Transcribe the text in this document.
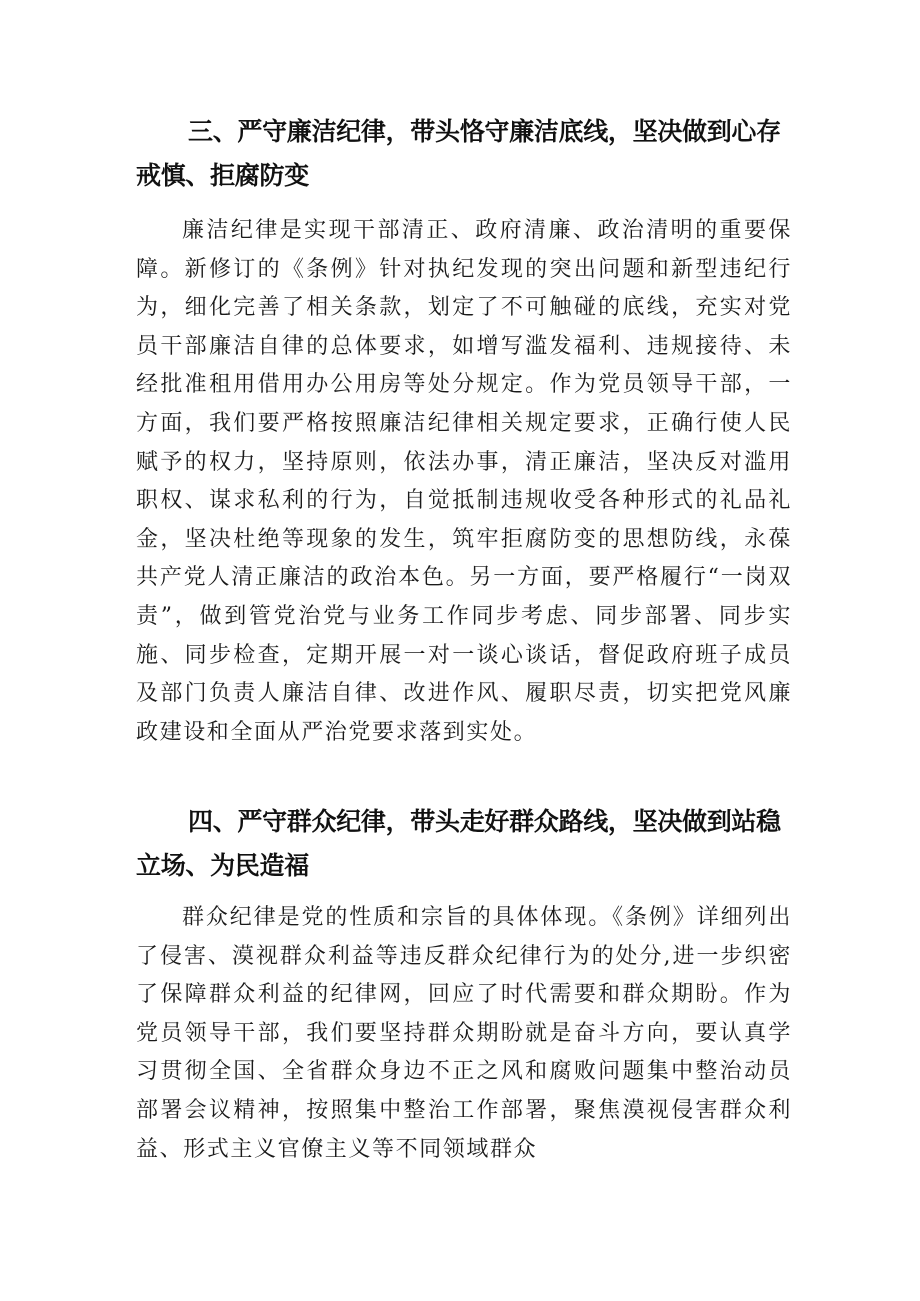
三、严守廉洁纪律，带头恪守廉洁底线，坚决做到心存戒慎、拒腐防变

廉洁纪律是实现干部清正、政府清廉、政治清明的重要保障。新修订的《条例》针对执纪发现的突出问题和新型违纪行为，细化完善了相关条款，划定了不可触碰的底线，充实对党员干部廉洁自律的总体要求，如增写滥发福利、违规接待、未经批准租用借用办公用房等处分规定。作为党员领导干部，一方面，我们要严格按照廉洁纪律相关规定要求，正确行使人民赋予的权力，坚持原则，依法办事，清正廉洁，坚决反对滥用职权、谋求私利的行为，自觉抵制违规收受各种形式的礼品礼金，坚决杜绝等现象的发生，筑牢拒腐防变的思想防线，永葆共产党人清正廉洁的政治本色。另一方面，要严格履行“一岗双责”，做到管党治党与业务工作同步考虑、同步部署、同步实施、同步检查，定期开展一对一谈心谈话，督促政府班子成员及部门负责人廉洁自律、改进作风、履职尽责，切实把党风廉政建设和全面从严治党要求落到实处。

四、严守群众纪律，带头走好群众路线，坚决做到站稳立场、为民造福

群众纪律是党的性质和宗旨的具体体现。《条例》详细列出了侵害、漠视群众利益等违反群众纪律行为的处分,进一步织密了保障群众利益的纪律网，回应了时代需要和群众期盼。作为党员领导干部，我们要坚持群众期盼就是奋斗方向，要认真学习贯彻全国、全省群众身边不正之风和腐败问题集中整治动员部署会议精神，按照集中整治工作部署，聚焦漠视侵害群众利益、形式主义官僚主义等不同领域群众
